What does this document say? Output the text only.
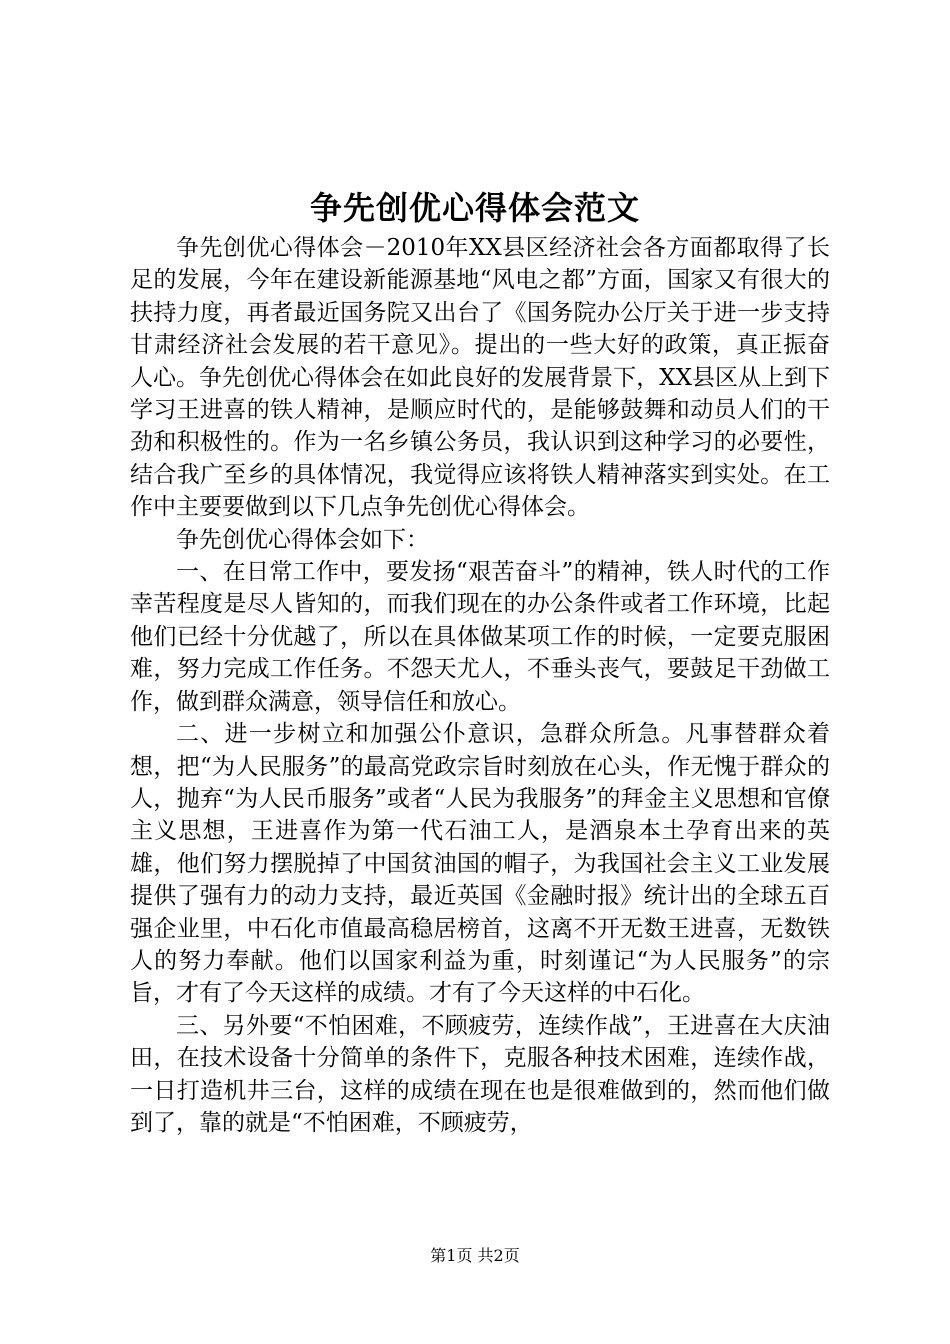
争先创优心得体会范文

争先创优心得体会－2010年XX县区经济社会各方面都取得了长足的发展，今年在建设新能源基地“风电之都”方面，国家又有很大的扶持力度，再者最近国务院又出台了《国务院办公厅关于进一步支持甘肃经济社会发展的若干意见》。提出的一些大好的政策，真正振奋人心。争先创优心得体会在如此良好的发展背景下，XX县区从上到下学习王进喜的铁人精神，是顺应时代的，是能够鼓舞和动员人们的干劲和积极性的。作为一名乡镇公务员，我认识到这种学习的必要性，结合我广至乡的具体情况，我觉得应该将铁人精神落实到实处。在工作中主要要做到以下几点争先创优心得体会。

争先创优心得体会如下：

一、在日常工作中，要发扬“艰苦奋斗”的精神，铁人时代的工作幸苦程度是尽人皆知的，而我们现在的办公条件或者工作环境，比起他们已经十分优越了，所以在具体做某项工作的时候，一定要克服困难，努力完成工作任务。不怨天尤人，不垂头丧气，要鼓足干劲做工作，做到群众满意，领导信任和放心。

二、进一步树立和加强公仆意识，急群众所急。凡事替群众着想，把“为人民服务”的最高党政宗旨时刻放在心头，作无愧于群众的人，抛弃“为人民币服务”或者“人民为我服务”的拜金主义思想和官僚主义思想，王进喜作为第一代石油工人，是酒泉本土孕育出来的英雄，他们努力摆脱掉了中国贫油国的帽子，为我国社会主义工业发展提供了强有力的动力支持，最近英国《金融时报》统计出的全球五百强企业里，中石化市值最高稳居榜首，这离不开无数王进喜，无数铁人的努力奉献。他们以国家利益为重，时刻谨记“为人民服务”的宗旨，才有了今天这样的成绩。才有了今天这样的中石化。

三、另外要“不怕困难，不顾疲劳，连续作战”，王进喜在大庆油田，在技术设备十分简单的条件下，克服各种技术困难，连续作战，一日打造机井三台，这样的成绩在现在也是很难做到的，然而他们做到了，靠的就是“不怕困难，不顾疲劳，

第1页 共2页
